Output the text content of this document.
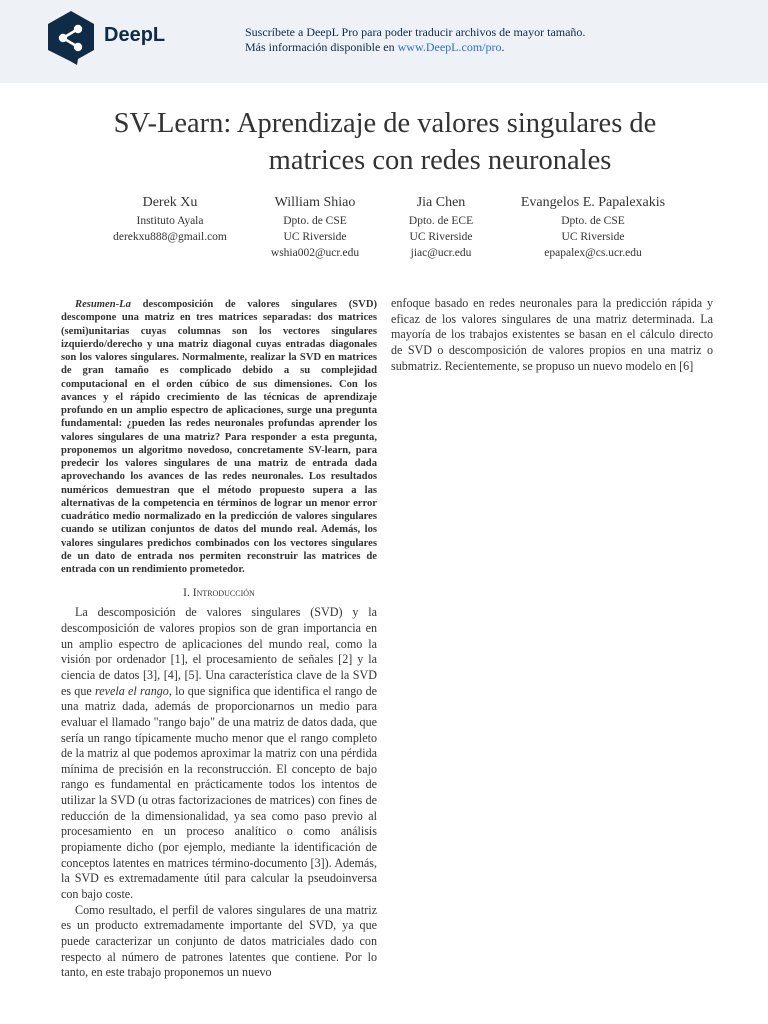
DeepL	Suscríbete a DeepL Pro para poder traducir archivos de mayor tamaño.
Más información disponible en www.DeepL.com/pro.
SV-Learn: Aprendizaje de valores singulares de
matrices con redes neuronales
Derek Xu
Instituto Ayala
derekxu888@gmail.com
William Shiao
Dpto. de CSE
UC Riverside
wshia002@ucr.edu
Jia Chen
Dpto. de ECE
UC Riverside
jiac@ucr.edu
Evangelos E. Papalexakis
Dpto. de CSE
UC Riverside
epapalex@cs.ucr.edu

Resumen-La descomposición de valores singulares (SVD) descompone una matriz en tres matrices separadas: dos matrices (semi)unitarias cuyas columnas son los vectores singulares izquierdo/derecho y una matriz diagonal cuyas entradas diagonales son los valores singulares. Normalmente, realizar la SVD en matrices de gran tamaño es complicado debido a su complejidad computacional en el orden cúbico de sus dimensiones. Con los avances y el rápido crecimiento de las técnicas de aprendizaje profundo en un amplio espectro de aplicaciones, surge una pregunta fundamental: ¿pueden las redes neuronales profundas aprender los valores singulares de una matriz? Para responder a esta pregunta, proponemos un algoritmo novedoso, concretamente SV-learn, para predecir los valores singulares de una matriz de entrada dada aprovechando los avances de las redes neuronales. Los resultados numéricos demuestran que el método propuesto supera a las alternativas de la competencia en términos de lograr un menor error cuadrático medio normalizado en la predicción de valores singulares cuando se utilizan conjuntos de datos del mundo real. Además, los valores singulares predichos combinados con los vectores singulares de un dato de entrada nos permiten reconstruir las matrices de entrada con un rendimiento prometedor.

I. Introducción

La descomposición de valores singulares (SVD) y la descomposición de valores propios son de gran importancia en un amplio espectro de aplicaciones del mundo real, como la visión por ordenador [1], el procesamiento de señales [2] y la ciencia de datos [3], [4], [5]. Una característica clave de la SVD es que revela el rango, lo que significa que identifica el rango de una matriz dada, además de proporcionarnos un medio para evaluar el llamado "rango bajo" de una matriz de datos dada, que sería un rango típicamente mucho menor que el rango completo de la matriz al que podemos aproximar la matriz con una pérdida mínima de precisión en la reconstrucción. El concepto de bajo rango es fundamental en prácticamente todos los intentos de utilizar la SVD (u otras factorizaciones de matrices) con fines de reducción de la dimensionalidad, ya sea como paso previo al procesamiento en un proceso analítico o como análisis propiamente dicho (por ejemplo, mediante la identificación de conceptos latentes en matrices término-documento [3]). Además, la SVD es extremadamente útil para calcular la pseudoinversa con bajo coste.

Como resultado, el perfil de valores singulares de una matriz es un producto extremadamente importante del SVD, ya que puede caracterizar un conjunto de datos matriciales dado con respecto al número de patrones latentes que contiene. Por lo tanto, en este trabajo proponemos un nuevo

enfoque basado en redes neuronales para la predicción rápida y eficaz de los valores singulares de una matriz determinada. La mayoría de los trabajos existentes se basan en el cálculo directo de SVD o descomposición de valores propios en una matriz o submatriz. Recientemente, se propuso un nuevo modelo en [6]
